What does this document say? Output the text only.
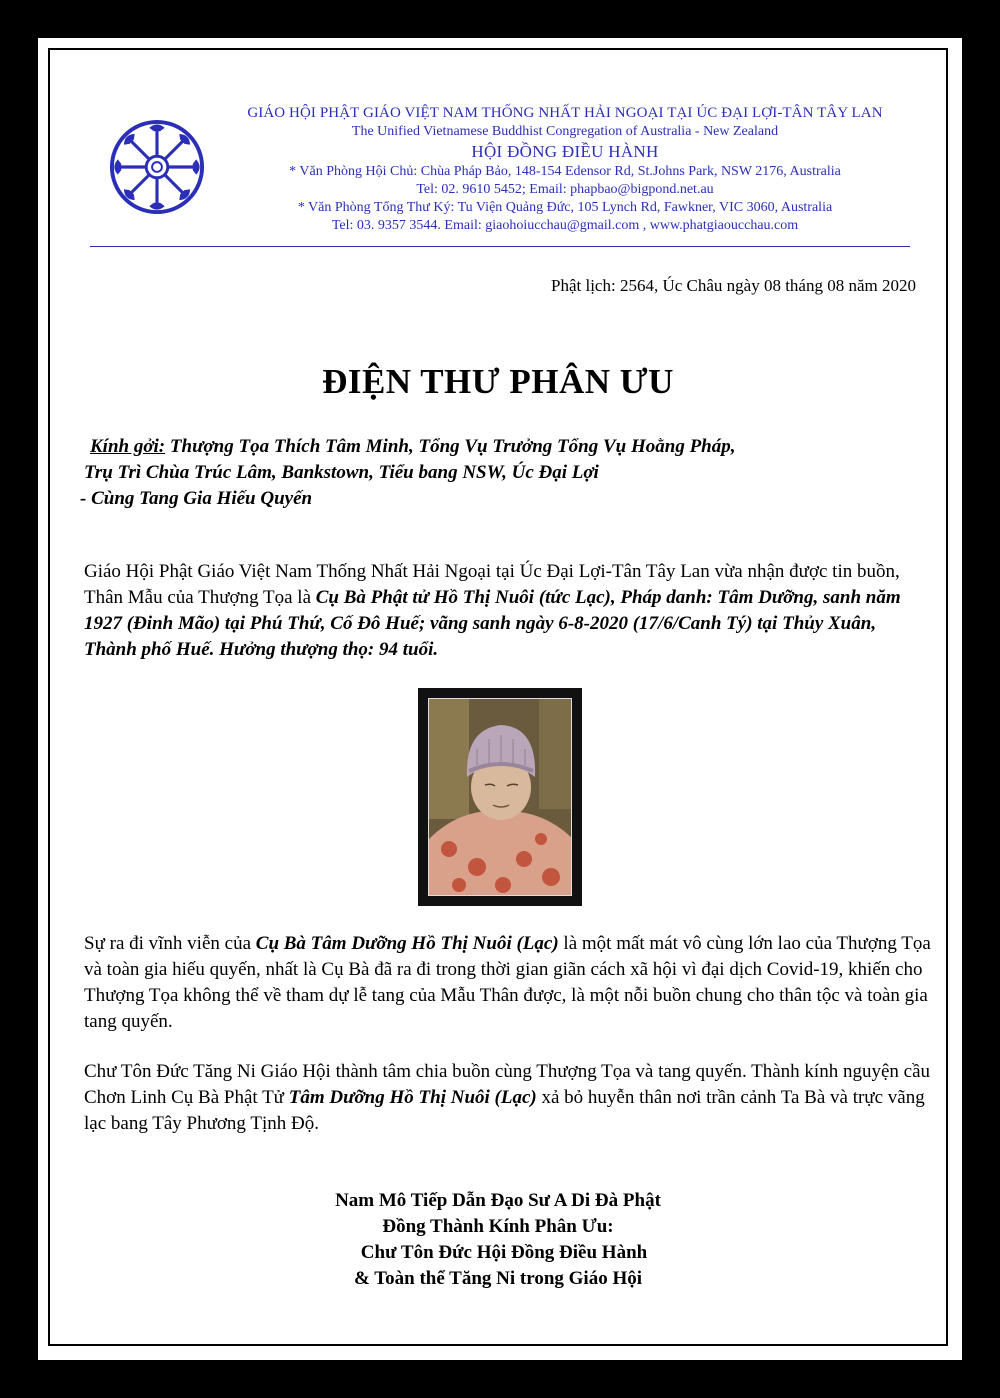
GIÁO HỘI PHẬT GIÁO VIỆT NAM THỐNG NHẤT HẢI NGOẠI TẠI ÚC ĐẠI LỢI-TÂN TÂY LAN
The Unified Vietnamese Buddhist Congregation of Australia - New Zealand
HỘI ĐỒNG ĐIỀU HÀNH
* Văn Phòng Hội Chủ: Chùa Pháp Bảo, 148-154 Edensor Rd, St.Johns Park, NSW 2176, Australia
Tel: 02. 9610 5452; Email: phapbao@bigpond.net.au
* Văn Phòng Tổng Thư Ký: Tu Viện Quảng Đức, 105 Lynch Rd, Fawkner, VIC 3060, Australia
Tel: 03. 9357 3544. Email: giaohoiucchau@gmail.com , www.phatgiaoucchau.com
Phật lịch: 2564, Úc Châu ngày 08 tháng 08 năm 2020
ĐIỆN THƯ PHÂN ƯU
Kính gởi: Thượng Tọa Thích Tâm Minh, Tổng Vụ Trưởng Tổng Vụ Hoằng Pháp,
Trụ Trì Chùa Trúc Lâm, Bankstown, Tiểu bang NSW, Úc Đại Lợi
- Cùng Tang Gia Hiếu Quyến
Giáo Hội Phật Giáo Việt Nam Thống Nhất Hải Ngoại tại Úc Đại Lợi-Tân Tây Lan vừa nhận được tin buồn, Thân Mẫu của Thượng Tọa là Cụ Bà Phật tử Hồ Thị Nuôi (tức Lạc), Pháp danh: Tâm Dưỡng, sanh năm 1927 (Đinh Mão) tại Phú Thứ, Cố Đô Huế; vãng sanh ngày 6-8-2020 (17/6/Canh Tý) tại Thủy Xuân, Thành phố Huế. Hưởng thượng thọ: 94 tuổi.
Sự ra đi vĩnh viễn của Cụ Bà Tâm Dưỡng Hồ Thị Nuôi (Lạc) là một mất mát vô cùng lớn lao của Thượng Tọa và toàn gia hiếu quyến, nhất là Cụ Bà đã ra đi trong thời gian giãn cách xã hội vì đại dịch Covid-19, khiến cho Thượng Tọa không thể về tham dự lễ tang của Mẫu Thân được, là một nỗi buồn chung cho thân tộc và toàn gia tang quyến.
Chư Tôn Đức Tăng Ni Giáo Hội thành tâm chia buồn cùng Thượng Tọa và tang quyến. Thành kính nguyện cầu Chơn Linh Cụ Bà Phật Tử Tâm Dưỡng Hồ Thị Nuôi (Lạc) xả bỏ huyễn thân nơi trần cảnh Ta Bà và trực vãng lạc bang Tây Phương Tịnh Độ.
Nam Mô Tiếp Dẫn Đạo Sư A Di Đà Phật
Đồng Thành Kính Phân Ưu:
Chư Tôn Đức Hội Đồng Điều Hành
& Toàn thể Tăng Ni trong Giáo Hội
